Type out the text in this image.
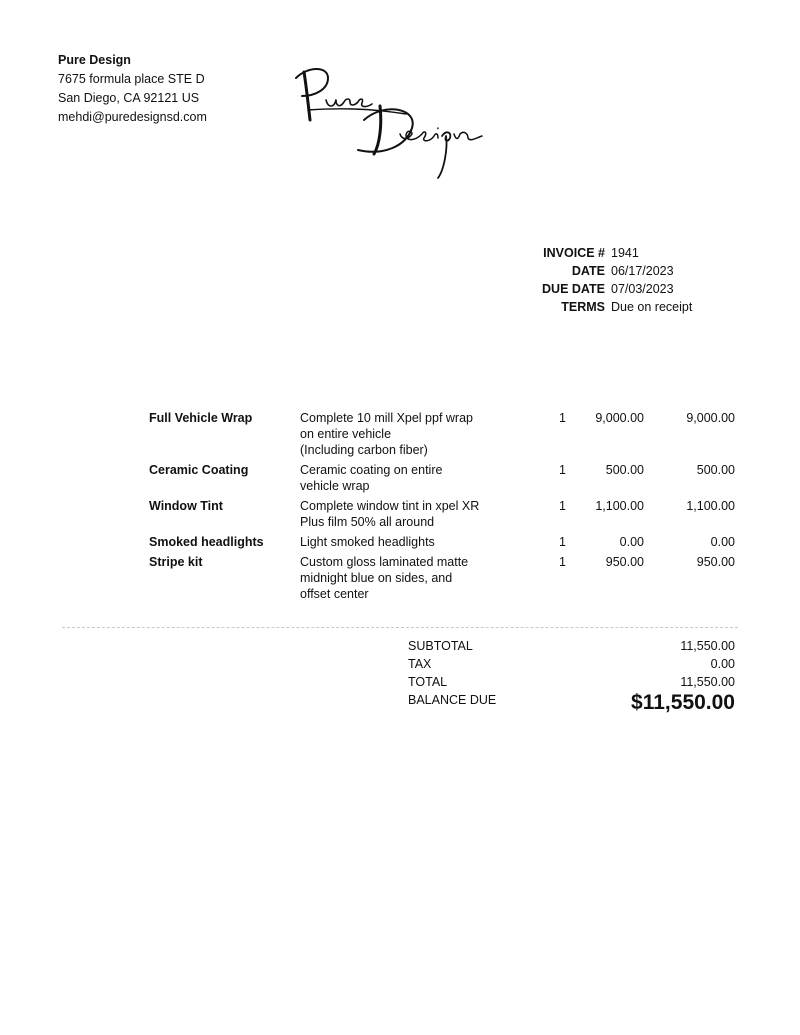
Pure Design
7675 formula place STE D
San Diego, CA 92121 US
mehdi@puredesignsd.com
INVOICE # 1941
DATE 06/17/2023
DUE DATE 07/03/2023
TERMS Due on receipt
Full Vehicle Wrap	Complete 10 mill Xpel ppf wrap
on entire vehicle
(Including carbon fiber)
1	9,000.00	9,000.00
Ceramic Coating	Ceramic coating on entire
vehicle wrap
1	500.00	500.00
Window Tint	Complete window tint in xpel XR
Plus film 50% all around
1	1,100.00	1,100.00
Smoked headlights	Light smoked headlights	1	0.00	0.00
Stripe kit	Custom gloss laminated matte
midnight blue on sides, and
offset center
1	950.00	950.00
SUBTOTAL	11,550.00
TAX	0.00
TOTAL	11,550.00
BALANCE DUE	$11,550.00
